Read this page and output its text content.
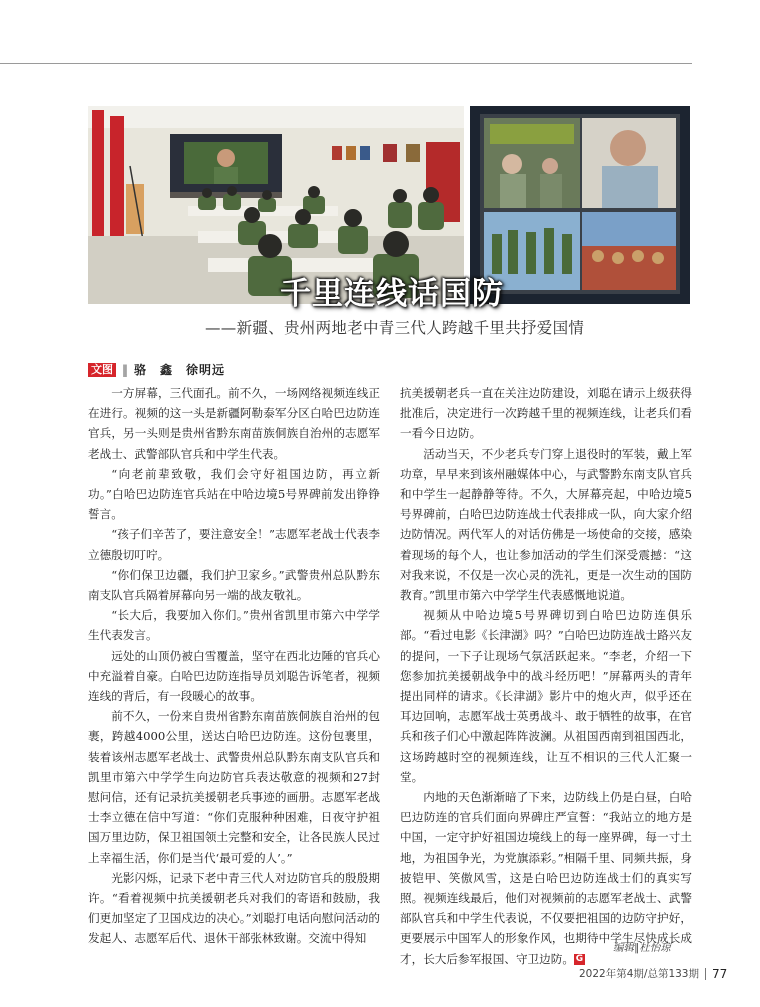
千里连线话国防
——新疆、贵州两地老中青三代人跨越千里共抒爱国情
文图 ‖ 骆　鑫　徐明远

一方屏幕，三代面孔。前不久，一场网络视频连线正在进行。视频的这一头是新疆阿勒泰军分区白哈巴边防连官兵，另一头则是贵州省黔东南苗族侗族自治州的志愿军老战士、武警部队官兵和中学生代表。

“向老前辈致敬，我们会守好祖国边防，再立新功。”白哈巴边防连官兵站在中哈边境5号界碑前发出铮铮誓言。

“孩子们辛苦了，要注意安全！”志愿军老战士代表李立德殷切叮咛。

“你们保卫边疆，我们护卫家乡。”武警贵州总队黔东南支队官兵隔着屏幕向另一端的战友敬礼。

“长大后，我要加入你们。”贵州省凯里市第六中学学生代表发言。

远处的山顶仍被白雪覆盖，坚守在西北边陲的官兵心中充溢着自豪。白哈巴边防连指导员刘聪告诉笔者，视频连线的背后，有一段暖心的故事。

前不久，一份来自贵州省黔东南苗族侗族自治州的包裹，跨越4000公里，送达白哈巴边防连。这份包裹里，装着该州志愿军老战士、武警贵州总队黔东南支队官兵和凯里市第六中学学生向边防官兵表达敬意的视频和27封慰问信，还有记录抗美援朝老兵事迹的画册。志愿军老战士李立德在信中写道：“你们克服种种困难，日夜守护祖国万里边防，保卫祖国领土完整和安全，让各民族人民过上幸福生活，你们是当代‘最可爱的人’。”

光影闪烁，记录下老中青三代人对边防官兵的殷殷期许。“看着视频中抗美援朝老兵对我们的寄语和鼓励，我们更加坚定了卫国戍边的决心。”刘聪打电话向慰问活动的发起人、志愿军后代、退休干部张林致谢。交流中得知

抗美援朝老兵一直在关注边防建设，刘聪在请示上级获得批准后，决定进行一次跨越千里的视频连线，让老兵们看一看今日边防。

活动当天，不少老兵专门穿上退役时的军装，戴上军功章，早早来到该州融媒体中心，与武警黔东南支队官兵和中学生一起静静等待。不久，大屏幕亮起，中哈边境5号界碑前，白哈巴边防连战士代表排成一队，向大家介绍边防情况。两代军人的对话仿佛是一场使命的交接，感染着现场的每个人，也让参加活动的学生们深受震撼：“这对我来说，不仅是一次心灵的洗礼，更是一次生动的国防教育。”凯里市第六中学学生代表感慨地说道。

视频从中哈边境5号界碑切到白哈巴边防连俱乐部。“看过电影《长津湖》吗？”白哈巴边防连战士路兴友的提问，一下子让现场气氛活跃起来。“李老，介绍一下您参加抗美援朝战争中的战斗经历吧！”屏幕两头的青年提出同样的请求。《长津湖》影片中的炮火声，似乎还在耳边回响，志愿军战士英勇战斗、敢于牺牲的故事，在官兵和孩子们心中激起阵阵波澜。从祖国西南到祖国西北，这场跨越时空的视频连线，让互不相识的三代人汇聚一堂。

内地的天色渐渐暗了下来，边防线上仍是白昼，白哈巴边防连的官兵们面向界碑庄严宣誓：“我站立的地方是中国，一定守护好祖国边境线上的每一座界碑，每一寸土地，为祖国争光，为党旗添彩。”相隔千里、同频共振，身披铠甲、笑傲风雪，这是白哈巴边防连战士们的真实写照。视频连线最后，他们对视频前的志愿军老战士、武警部队官兵和中学生代表说，不仅要把祖国的边防守护好，更要展示中国军人的形象作风，也期待中学生尽快成长成才，长大后参军报国、守卫边防。 G

编辑∥杜怡琼
2022年第4期/总第133期 77
